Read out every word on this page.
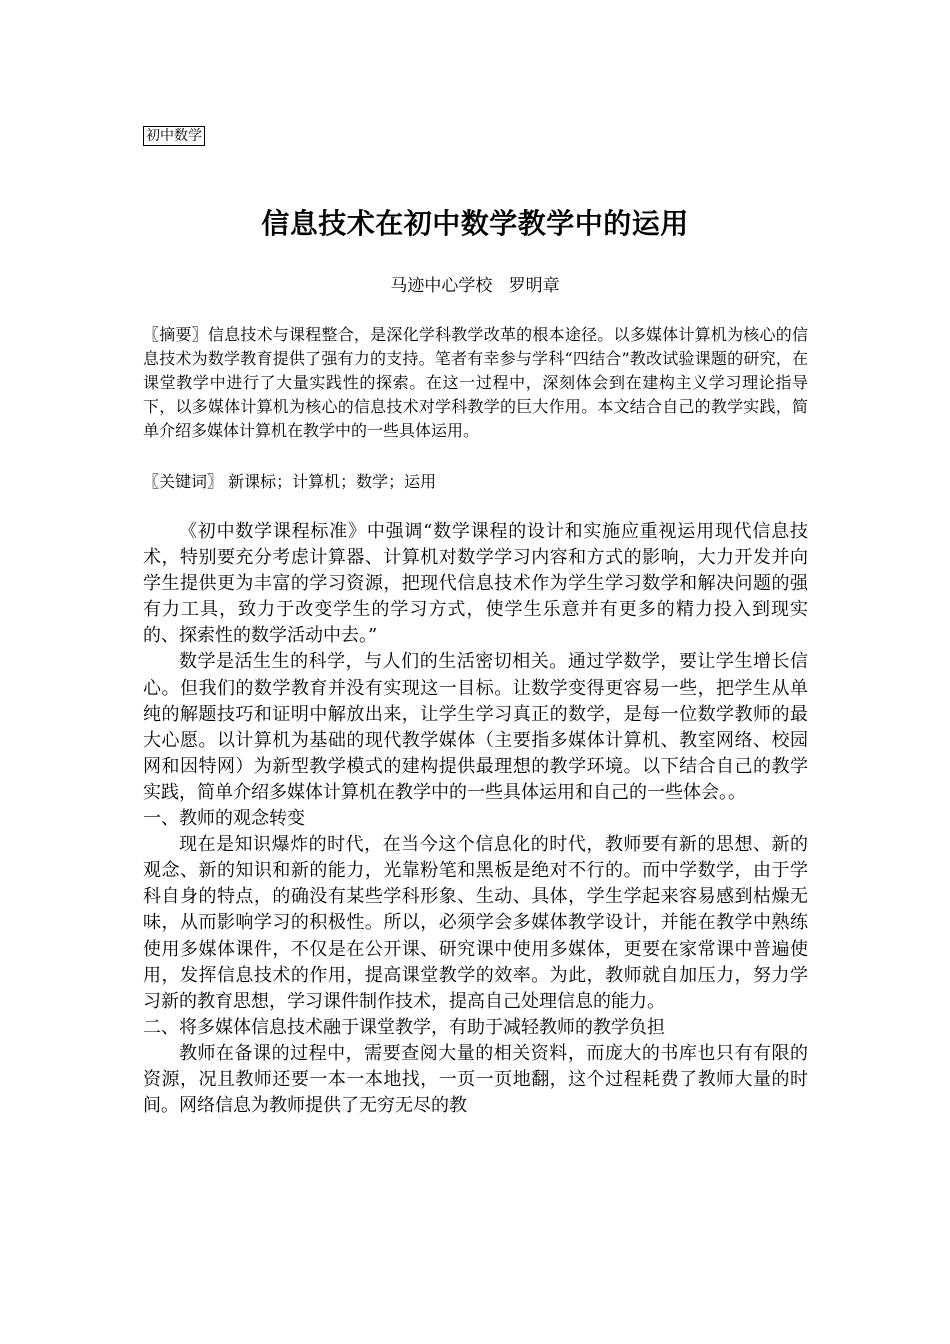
初中数学
信息技术在初中数学教学中的运用
马迹中心学校 罗明章
〖摘要〗信息技术与课程整合，是深化学科教学改革的根本途径。以多媒体计算机为核心的信息技术为数学教育提供了强有力的支持。笔者有幸参与学科“四结合”教改试验课题的研究，在课堂教学中进行了大量实践性的探索。在这一过程中，深刻体会到在建构主义学习理论指导下，以多媒体计算机为核心的信息技术对学科教学的巨大作用。本文结合自己的教学实践，简单介绍多媒体计算机在教学中的一些具体运用。
〖关键词〗 新课标；计算机；数学；运用

《初中数学课程标准》中强调“数学课程的设计和实施应重视运用现代信息技术，特别要充分考虑计算器、计算机对数学学习内容和方式的影响，大力开发并向学生提供更为丰富的学习资源，把现代信息技术作为学生学习数学和解决问题的强有力工具，致力于改变学生的学习方式，使学生乐意并有更多的精力投入到现实的、探索性的数学活动中去。”

数学是活生生的科学，与人们的生活密切相关。通过学数学，要让学生增长信心。但我们的数学教育并没有实现这一目标。让数学变得更容易一些，把学生从单纯的解题技巧和证明中解放出来，让学生学习真正的数学，是每一位数学教师的最大心愿。以计算机为基础的现代教学媒体（主要指多媒体计算机、教室网络、校园网和因特网）为新型教学模式的建构提供最理想的教学环境。以下结合自己的教学实践，简单介绍多媒体计算机在教学中的一些具体运用和自己的一些体会。。

一、教师的观念转变

现在是知识爆炸的时代，在当今这个信息化的时代，教师要有新的思想、新的观念、新的知识和新的能力，光靠粉笔和黑板是绝对不行的。而中学数学，由于学科自身的特点，的确没有某些学科形象、生动、具体，学生学起来容易感到枯燥无味，从而影响学习的积极性。所以，必须学会多媒体教学设计，并能在教学中熟练使用多媒体课件，不仅是在公开课、研究课中使用多媒体，更要在家常课中普遍使用，发挥信息技术的作用，提高课堂教学的效率。为此，教师就自加压力，努力学习新的教育思想，学习课件制作技术，提高自己处理信息的能力。

二、将多媒体信息技术融于课堂教学，有助于减轻教师的教学负担

教师在备课的过程中，需要查阅大量的相关资料，而庞大的书库也只有有限的资源，况且教师还要一本一本地找，一页一页地翻，这个过程耗费了教师大量的时间。网络信息为教师提供了无穷无尽的教
